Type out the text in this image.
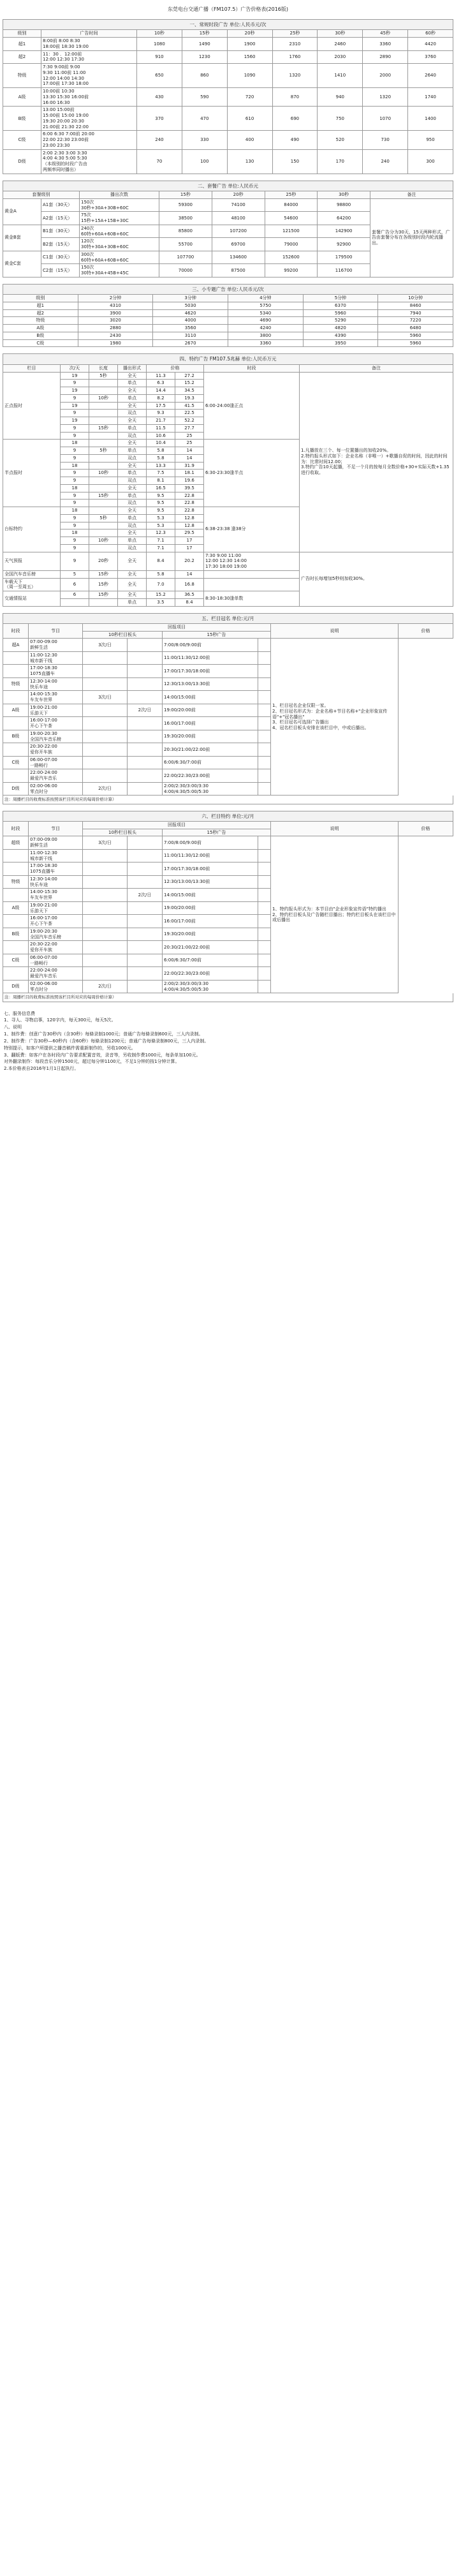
东莞电台交通广播（FM107.5）广告价格表(2016版)
一、常规时段广告 单位:人民币元/次
级别	广告时间	10秒	15秒	20秒	25秒	30秒	45秒	60秒
超1	8:00前 8:00 8:30
18:00前 18:30 19:00	1080	1490	1900	2310	2460	3360	4420
超2	11：30 ．12:00前
12:00 12:30 17:30	910	1230	1560	1760	2030	2890	3760
特级	7:30 9:00前 9:00
9:30 11:00前 11:00
12:00 14:00 14:30
17:00前 17:30 18:00	650	860	1090	1320	1410	2000	2640
A级	10:00前 10:30
13:30 15:30 16:00前
16:00 16:30	430	590	720	870	940	1320	1740
B级	13:00 15:00前
15:00前 15:00 19:00
19:30 20:00 20:30
21:00前 21:30 22:00	370	470	610	690	750	1070	1400
C级	6:00 6:30 7:00前 20:00
22:00 22:30 23:00前
23:00 23:30	240	330	400	490	520	730	950
D级	2:00 2:30 3:00 3:30
4:00 4:30 5:00 5:30
（本级别的时段广告由
两频率同时播出）	70	100	130	150	170	240	300
二、套餐广告 单位:人民币元
套餐级别		播出次数	15秒	20秒	25秒	30秒	备注
黄金A	A1套（30天）	150次
30秒+30A+30B+60C	59300	74100	84000	98800	套餐广告分为30天、15天两种形式，广告由套餐分布在各级别时段内轮流播出。
	A2套（15天）	75次
15秒+15A+15B+30C	38500	48100	54600	64200	
黄金B套	B1套（30天）	240次
60特+60A+60B+60C	85800	107200	121500	142900	
	B2套（15天）	120次
30特+30A+30B+60C	55700	69700	79000	92900	
黄金C套	C1套（30天）	300次
60特+60A+60B+60C	107700	134600	152600	179500	
	C2套（15天）	150次
30特+30A+45B+45C	70000	87500	99200	116700	
三、小专题广告 单位:人民币元/次
级别	2分钟	3分钟	4分钟	5分钟	10分钟
超1	4310	5030	5750	6370	8460
超2	3900	4620	5340	5960	7940
特级	3020	4000	4690	5290	7220
A级	2880	3560	4240	4820	6480
B级	2430	3110	3800	4390	5960
C级	1980	2670	3360	3950	5960
四、特约广告 FM107.5兆赫 单位:人民币万元
栏目	次/天	长度	播出形式	价格		时段	备注
正点报时	19	5秒	全天	11.3	27.2	6:00-24:00逢正点	1.凡播放在三个、每一位置播出的加收20%。
2.特约报头形式如下：企业名称（非唯一）+歌播自促的时间，因此的时间为：比常时间12.00；
3.特约广告10天起播，不足一个月的按每月全数价格+30+实际天数+1.35进行收取。
	9		单点	6.3	15.2		
	19		全天	14.4	34.5		
	9	10秒	单点	8.2	19.3		
	19		全天	17.5	41.5		
	9		双点	9.3	22.5		
	19		全天	21.7	52.2		
	9	15秒	单点	11.5	27.7		
	9		双点	10.6	25		
半点报时	18		全天	10.4	25	6:30-23:30逢半点	
	9	5秒	单点	5.8	14		
	9		双点	5.8	14		
	18		全天	13.3	31.9		
	9	10秒	单点	7.5	18.1		
	9		双点	8.1	19.6		
	18		全天	16.5	39.5		
	9	15秒	单点	9.5	22.8		
	9		双点	9.5	22.8		
台标特约	18		全天	9.5	22.8	6:38-23:38 逢38分	
	9	5秒	单点	5.3	12.8		
	9		双点	5.3	12.8		
	18		全天	12.3	29.5		
	9	10秒	单点	7.1	17		
	9		双点	7.1	17		
天气预报	9	20秒	全天	8.4	20.2	7:30 9:00 11:00
12:00 12:30 14:00
17:30 18:00 19:00	广告时长每增加5秒则加收30%。
全国汽车音乐榜	5	15秒	全天	5.8	14		
车载天下
（周一至周五）	6	15秒	全天	7.0	16.8		
交通情报站	6	15秒	全天	15.2	36.5	8:30-18:30逢单数	
			单点	3.5	8.4		
五、栏目冠名 单位:元/月
时段	节目	回报项目				说明	价格
		10秒栏目板头		15秒广告			
超A	07:00-09:00
新鲜生活	3次/日		7:00/8:00/9:00前		1、栏目冠名企业仅限一家。
2、栏目冠名形式为：企业名称+节目名称+"企业形象宣传语"+"冠名播出"
3、栏目冠名可选择广告播出
4、冠名栏目板头安排在该栏目中，中或后播出。	
	11:00-12:30
城市新干线			11:00/11:30/12:00前			
	17:00-18:30
1075直播车			17:00/17:30/18:00前			
特级	12:30-14:00
快乐车途			12:30/13:00/13:30前			
	14:00-15:30
车友车世界	3次/日		14:00/15:00前			
A级	19:00-21:00
乐游天下		2次/日	19:00/20:00前			
	16:00-17:00
开心下午茶			16:00/17:00前			
B级	19:00-20:30
全国汽车音乐榜			19:30/20:00前			
	20:30-22:00
爱你开车族			20:30/21:00/22:00前			
C级	06:00-07:00
一路畅行			6:00/6:30/7:00前			
	22:00-24:00
最爱汽车音乐			22:00/22:30/23:00前			
D级	02:00-06:00
零点时分	2次/日		2:00/2:30/3:00/3:30
4:00/4:30/5:00/5:30			
注：周播栏目的收费标准按照该栏目所对应的每周价格计算）
六、栏目特约 单位:元/月
时段	节目	回报项目				说明	价格
		10秒栏目板头		15秒广告			
超级	07:00-09:00
新鲜生活	3次/日		7:00/8:00/9:00前		1、特约报头形式为：本节目由"企业形象宣传语"特约播出
2、特约栏目板头及广告随栏目播出；特约栏目板头在该栏目中或后播出	
	11:00-12:30
城市新干线			11:00/11:30/12:00前			
	17:00-18:30
1075直播车			17:00/17:30/18:00前			
特级	12:30-14:00
快乐车途			12:30/13:00/13:30前			
	14:00-15:30
车友车世界		2次/日	14:00/15:00前			
A级	19:00-21:00
乐游天下			19:00/20:00前			
	16:00-17:00
开心下午茶			16:00/17:00前			
B级	19:00-20:30
全国汽车音乐榜			19:30/20:00前			
	20:30-22:00
爱你开车族			20:30/21:00/22:00前			
C级	06:00-07:00
一路畅行			6:00/6:30/7:00前			
	22:00-24:00
最爱汽车音乐			22:00/22:30/23:00前			
D级	02:00-06:00
零点时分	2次/日		2:00/2:30/3:00/3:30
4:00/4:30/5:00/5:30			
注：周播栏目的收费标准按照该栏目所对应的每周价格计算）
七、服务信息费
1、寻人、寻物启事，120字内，每天300元，每天5次。
八、说明
1、制作费：创意广告30秒内（含30秒）每條录制1000元；普通广告每條录制600元，三人内录制。
2、制作费：广告30秒—60秒内（含60秒）每條录制1200元；普通广告每條录制800元，三人内录制。
特别提示，如客户所提供之播音稿件需重新制作的，另收1000元。
3、翻版费：如客户在各时段内广告要求配置音效，录音等，另收制作费1000元，每条单加100元。
对外翻录制作：每段音乐分钟1500元，超过每分钟1100元，不足1分钟的按1分钟计算。
2.本价格表自2016年1月1日起执行。
